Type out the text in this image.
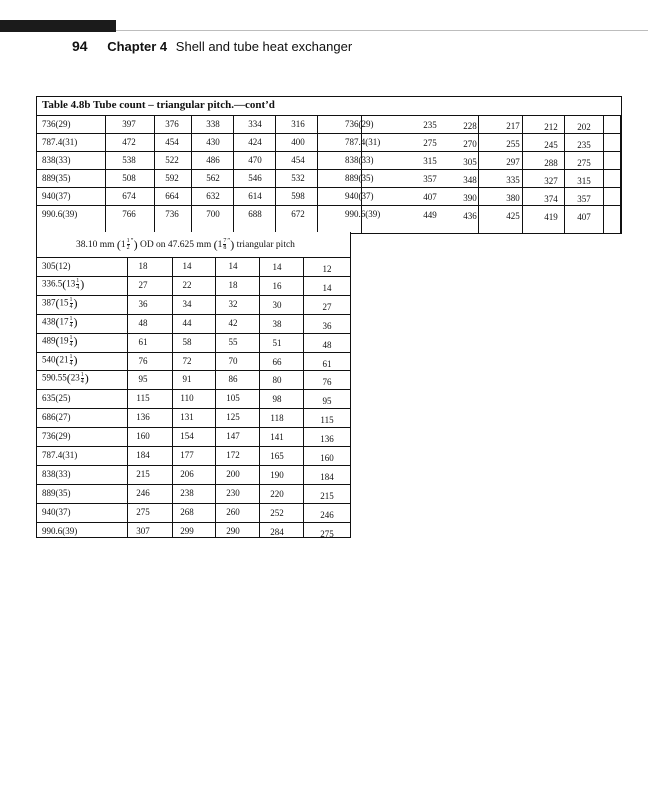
94 Chapter 4 Shell and tube heat exchanger
Table 4.8b Tube count – triangular pitch.—cont’d
736(29)	397	376	338	334	316
787.4(31)	472	454	430	424	400
838(33)	538	522	486	470	454
889(35)	508	592	562	546	532
940(37)	674	664	632	614	598
990.6(39)	766	736	700	688	672
736(29)	235	228	217	212 202
787.4(31)	275	270	255	245 235
838(33)	315	305	297	288 275
889(35)	357	348	335	327 315
940(37)	407	390	380	374 357
990.6(39)	449	436	425	419 407
38.10 mm $(1 \frac{1}{2} '')$ OD on 47.625 mm $(1 \frac{7}{8} '')$ triangular pitch
305(12)	18	14	14	14	12
$336.5(13 \frac{1}{4}$ )	27	22	18	16	14
$387(15 \frac{1}{4}$ )	36	34	32	30	27
$438(17 \frac{1}{4}$ )	48	44	42	38	36
$489(19 \frac{1}{4}$ )	61	58	55	51	48
$540(21 \frac{1}{4}$ )	76	72	70	66	61
$590.55(23 \frac{1}{4}$ )	95	91	86	80	76
635(25)	115	110	105	98	95
686(27)	136	131	125	118	115
736(29)	160	154	147	141	136
787.4(31)	184	177	172	165	160
838(33)	215	206	200	190	184
889(35)	246	238	230	220	215
940(37)	275	268	260	252	246
990.6(39)	307	299	290	284	275
